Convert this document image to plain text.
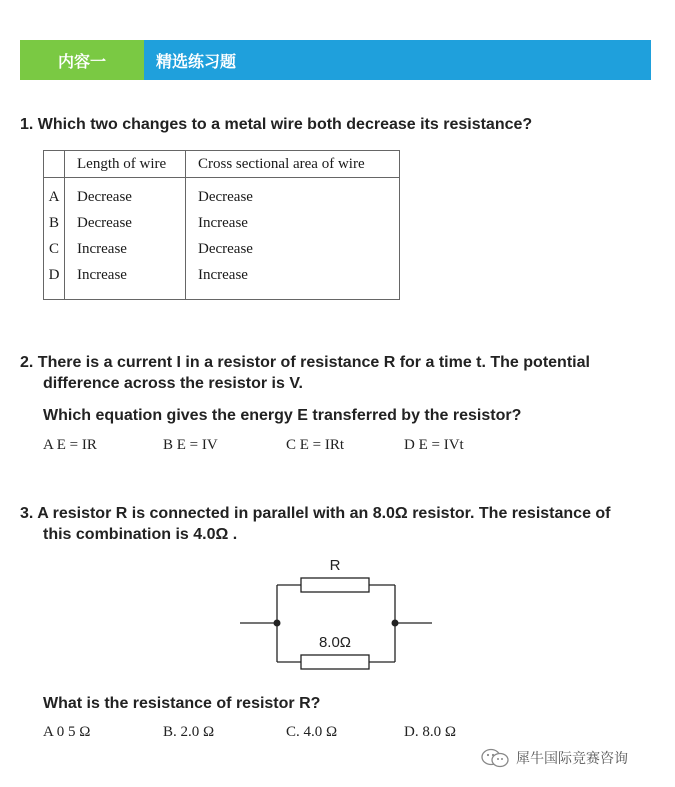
内容一	精选练习题
1. Which two changes to a metal wire both decrease its resistance?
	Length of wire	Cross sectional area of wire
A	Decrease	Decrease
B	Decrease	Increase
C	Increase	Decrease
D	Increase	Increase

2. There is a current I in a resistor of resistance R for a time t. The potential
difference across the resistor is V.
Which equation gives the energy E transferred by the resistor?
A E = IR	B E = IV	C E = IRt	D E = IVt
3. A resistor R is connected in parallel with an 8.0Ω resistor. The resistance of
this combination is 4.0Ω .
R
8.0Ω
What is the resistance of resistor R?
A 0 5 Ω	B. 2.0 Ω	C. 4.0 Ω	D. 8.0 Ω
犀牛国际竞赛咨询
